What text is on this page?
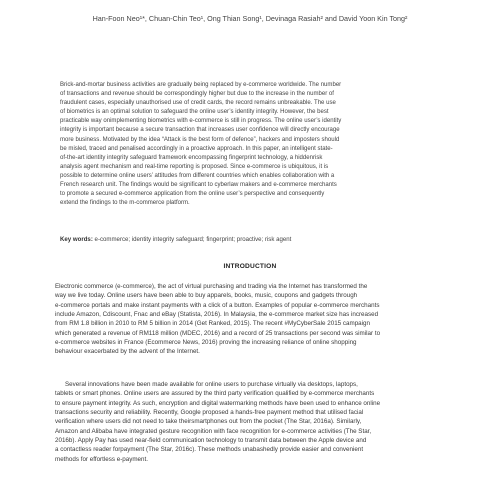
Han-Foon Neo¹*, Chuan-Chin Teo¹, Ong Thian Song¹, Devinaga Rasiah² and David Yoon Kin Tong²
Brick-and-mortar business activities are gradually being replaced by e-commerce worldwide. The number
of transactions and revenue should be correspondingly higher but due to the increase in the number of
fraudulent cases, especially unauthorised use of credit cards, the record remains unbreakable. The use
of biometrics is an optimal solution to safeguard the online user’s identity integrity. However, the best
practicable way onimplementing biometrics with e-commerce is still in progress. The online user’s identity
integrity is important because a secure transaction that increases user confidence will directly encourage
more business. Motivated by the idea “Attack is the best form of defence”, hackers and imposters should
be misled, traced and penalised accordingly in a proactive approach. In this paper, an intelligent state-
of-the-art identity integrity safeguard framework encompassing fingerprint technology, a hiddenrisk
analysis agent mechanism and real-time reporting is proposed. Since e-commerce is ubiquitous, it is
possible to determine online users’ attitudes from different countries which enables collaboration with a
French research unit. The findings would be significant to cyberlaw makers and e-commerce merchants
to promote a secured e-commerce application from the online user’s perspective and consequently
extend the findings to the m-commerce platform.
Key words: e-commerce; identity integrity safeguard; fingerprint; proactive; risk agent
INTRODUCTION
Electronic commerce (e-commerce), the act of virtual purchasing and trading via the Internet has transformed the
way we live today. Online users have been able to buy apparels, books, music, coupons and gadgets through
e-commerce portals and make instant payments with a click of a button. Examples of popular e-commerce merchants
include Amazon, Cdiscount, Fnac and eBay (Statista, 2016). In Malaysia, the e-commerce market size has increased
from RM 1.8 billion in 2010 to RM 5 billion in 2014 (Get Ranked, 2015). The recent #MyCyberSale 2015 campaign
which generated a revenue of RM118 million (MDEC, 2016) and a record of 25 transactions per second was similar to
e-commerce websites in France (Ecommerce News, 2016) proving the increasing reliance of online shopping
behaviour exacerbated by the advent of the Internet.
Several innovations have been made available for online users to purchase virtually via desktops, laptops,
tablets or smart phones. Online users are assured by the third party verification qualified by e-commerce merchants
to ensure payment integrity. As such, encryption and digital watermarking methods have been used to enhance online
transactions security and reliability. Recently, Google proposed a hands-free payment method that utilised facial
verification where users did not need to take theirsmartphones out from the pocket (The Star, 2016a). Similarly,
Amazon and Alibaba have integrated gesture recognition with face recognition for e-commerce activities (The Star,
2016b). Apply Pay has used near-field communication technology to transmit data between the Apple device and
a contactless reader forpayment (The Star, 2016c). These methods unabashedly provide easier and convenient
methods for effortless e-payment.
